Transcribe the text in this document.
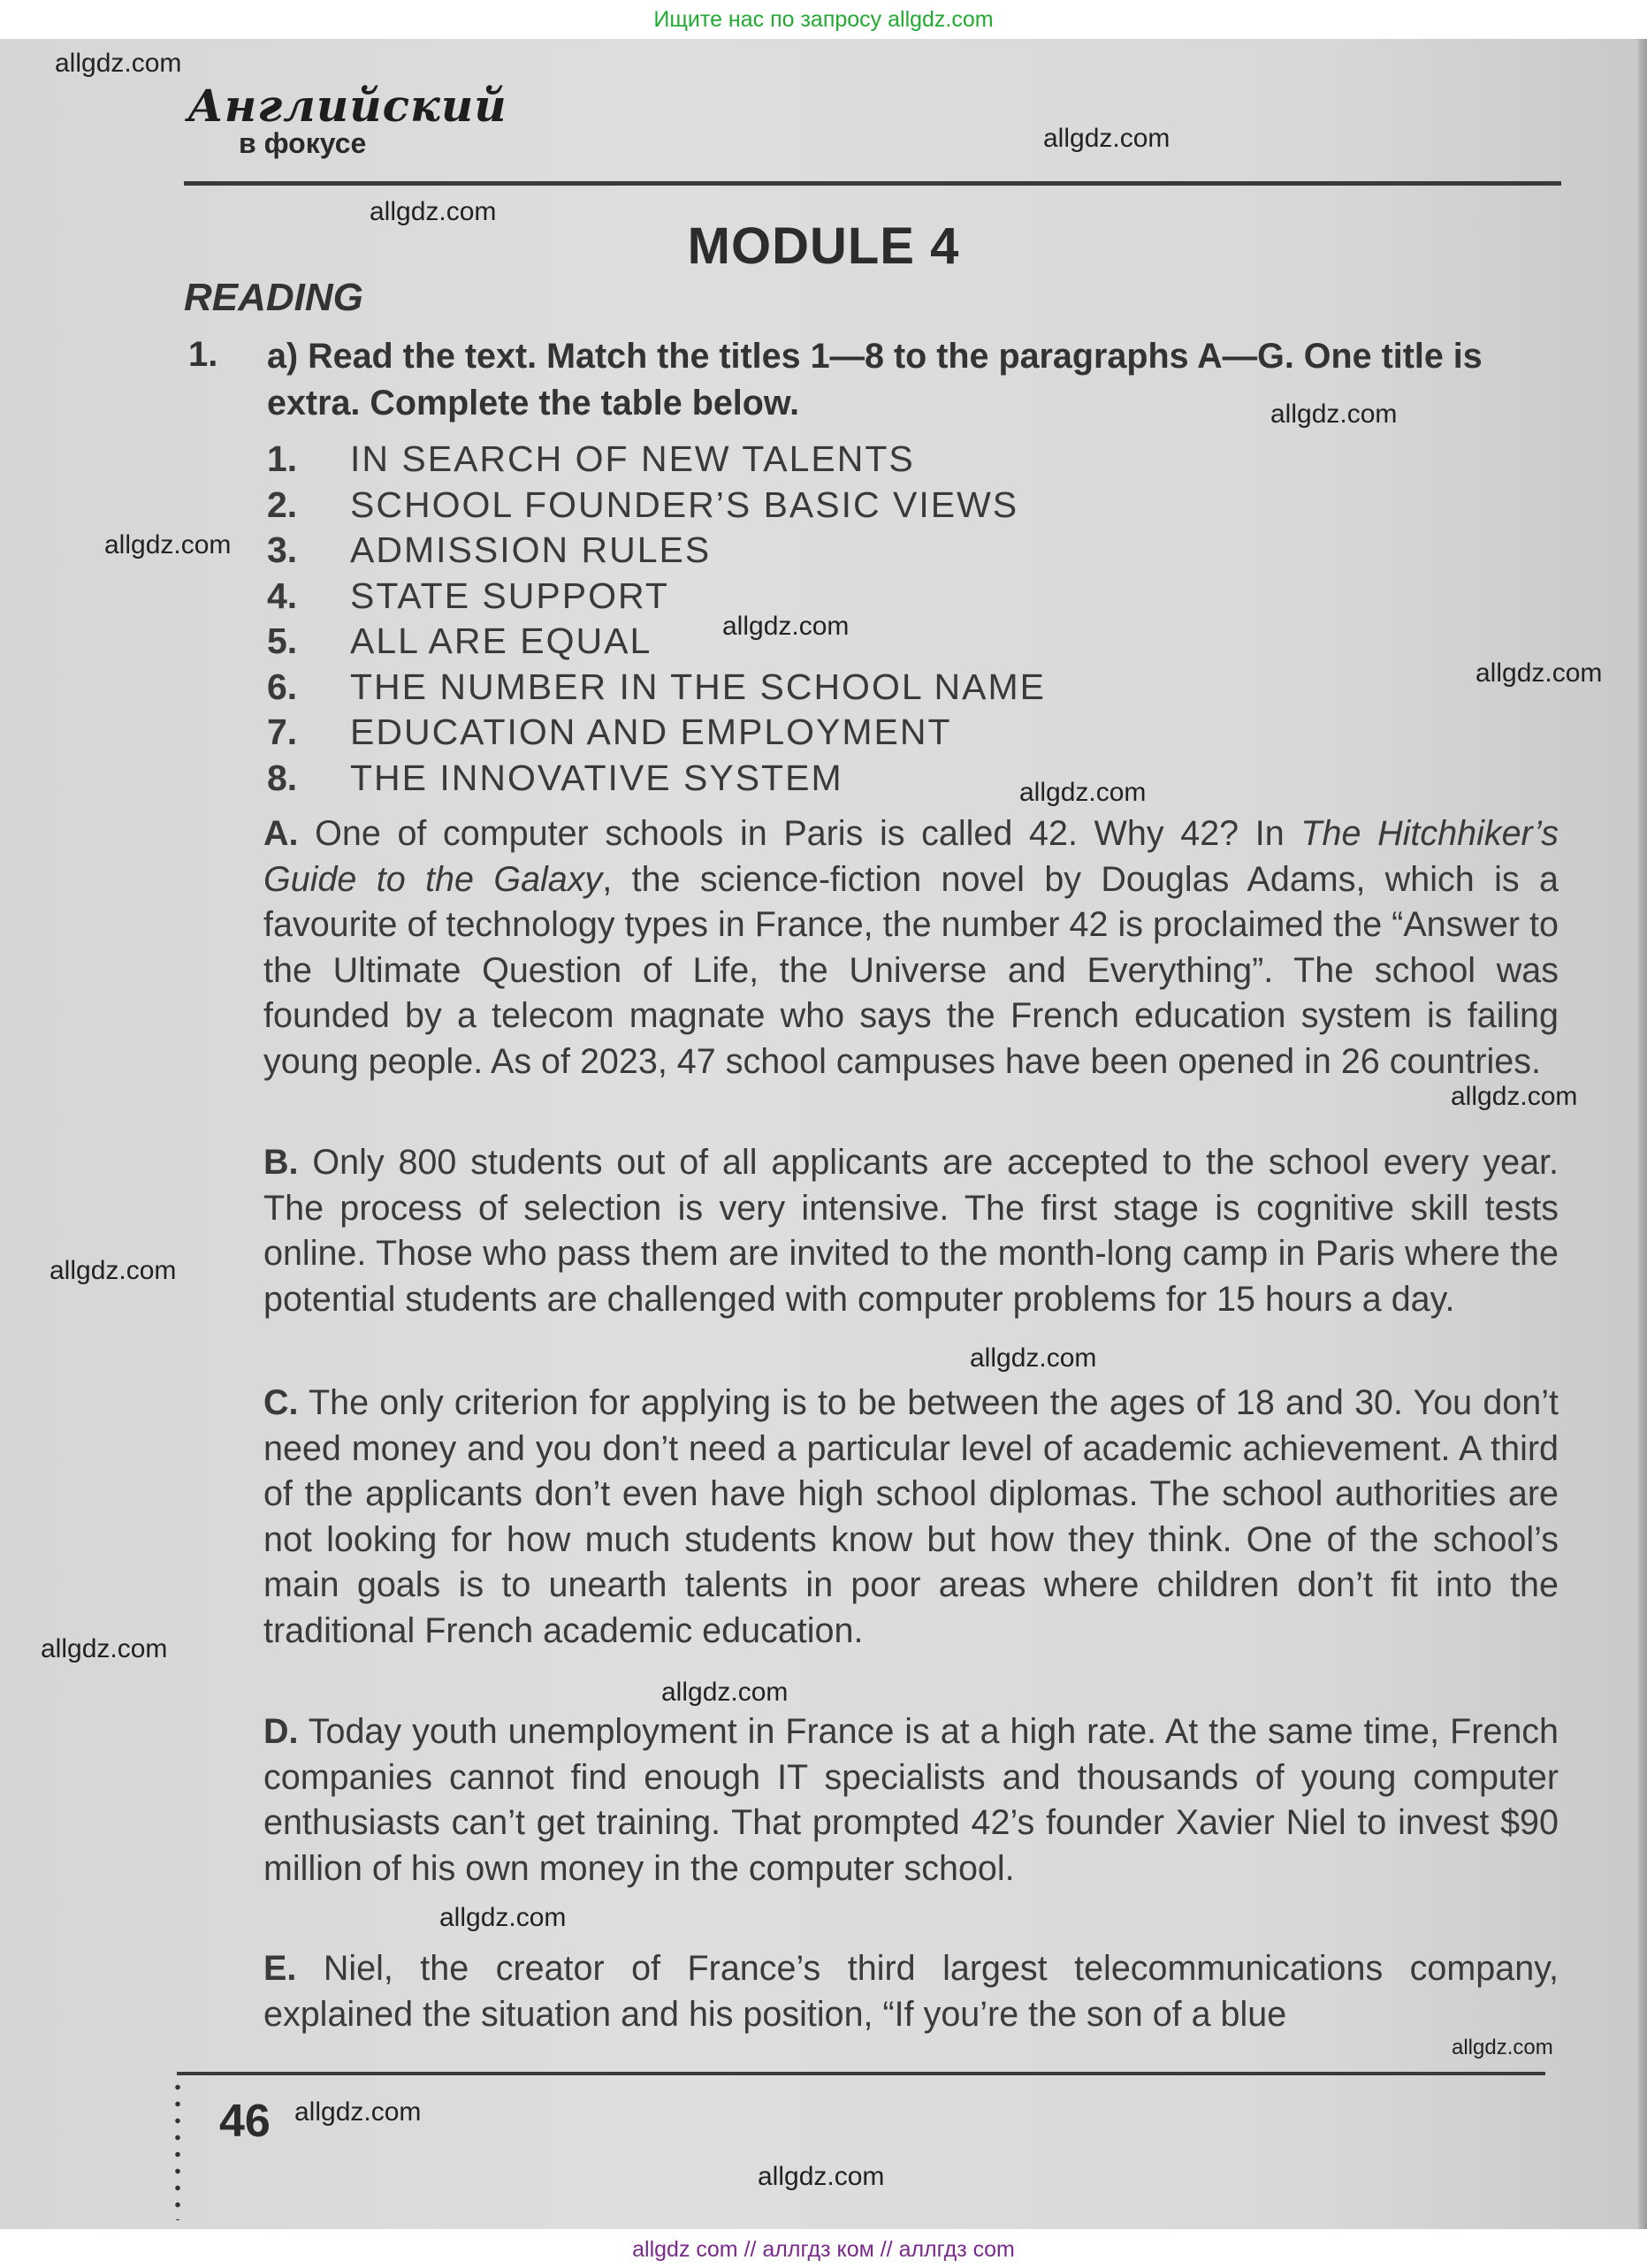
Ищите нас по запросу allgdz.com
Английский
в фокусе
MODULE 4
READING
1. a) Read the text. Match the titles 1—8 to the paragraphs A—G. One title is extra. Complete the table below.
1. IN SEARCH OF NEW TALENTS
2. SCHOOL FOUNDER’S BASIC VIEWS
3. ADMISSION RULES
4. STATE SUPPORT
5. ALL ARE EQUAL
6. THE NUMBER IN THE SCHOOL NAME
7. EDUCATION AND EMPLOYMENT
8. THE INNOVATIVE SYSTEM
A. One of computer schools in Paris is called 42. Why 42? In The Hitchhiker’s Guide to the Galaxy, the science-fiction novel by Douglas Adams, which is a favourite of technology types in France, the number 42 is proclaimed the “Answer to the Ultimate Question of Life, the Universe and Everything”. The school was founded by a telecom magnate who says the French education system is failing young people. As of 2023, 47 school campuses have been opened in 26 countries.
B. Only 800 students out of all applicants are accepted to the school every year. The process of selection is very intensive. The first stage is cognitive skill tests online. Those who pass them are invited to the month-long camp in Paris where the potential students are challenged with computer problems for 15 hours a day.
C. The only criterion for applying is to be between the ages of 18 and 30. You don’t need money and you don’t need a particular level of academic achievement. A third of the applicants don’t even have high school diplomas. The school authorities are not looking for how much students know but how they think. One of the school’s main goals is to unearth talents in poor areas where children don’t fit into the traditional French academic education.
D. Today youth unemployment in France is at a high rate. At the same time, French companies cannot find enough IT specialists and thousands of young computer enthusiasts can’t get training. That prompted 42’s founder Xavier Niel to invest $90 million of his own money in the computer school.
E. Niel, the creator of France’s third largest telecommunications company, explained the situation and his position, “If you’re the son of a blue
46
allgdz.com
allgdz.com
allgdz.com
allgdz.com
allgdz.com
allgdz.com
allgdz.com
allgdz.com
allgdz.com
allgdz.com
allgdz.com
allgdz.com
allgdz.com
allgdz.com
allgdz.com
allgdz.com
allgdz.com
allgdz com // аллгдз ком // аллгдз com
